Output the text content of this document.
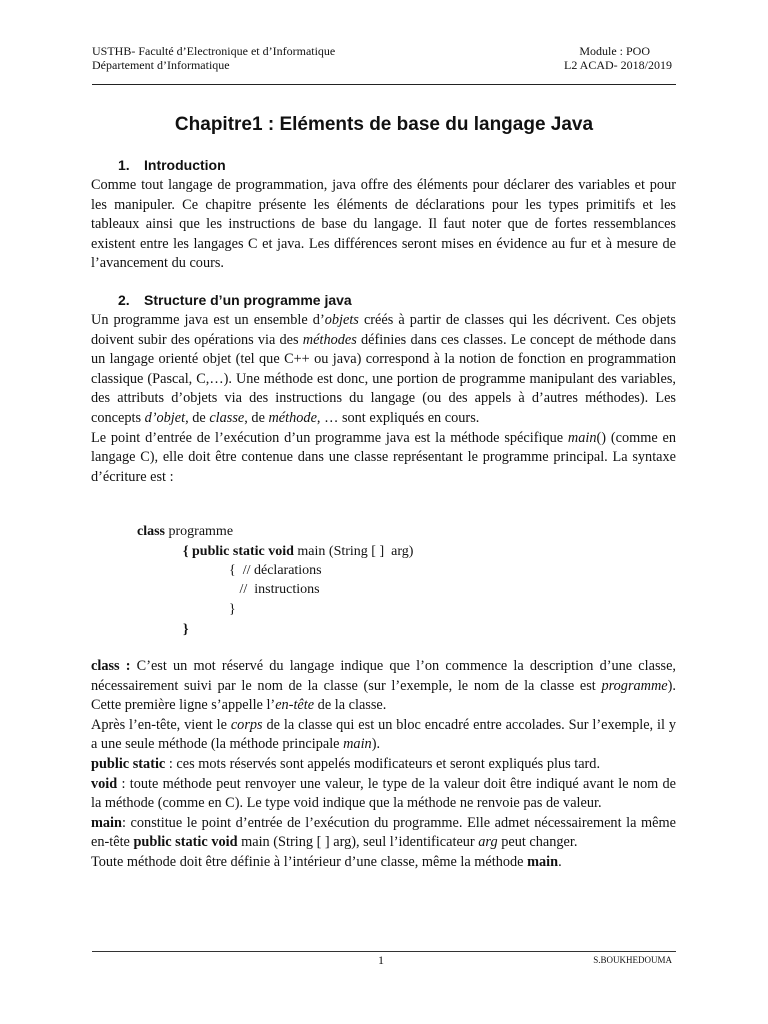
USTHB- Faculté d’Electronique et d’Informatique
Département d’Informatique
Module : POO
L2 ACAD- 2018/2019
Chapitre1 : Eléments de base du langage Java
1. Introduction

Comme tout langage de programmation, java offre des éléments pour déclarer des variables et pour les manipuler. Ce chapitre présente les éléments de déclarations pour les types primitifs et les tableaux ainsi que les instructions de base du langage. Il faut noter que de fortes ressemblances existent entre les langages C et java. Les différences seront mises en évidence au fur et à mesure de l’avancement du cours.

2. Structure d’un programme java

Un programme java est un ensemble d’objets créés à partir de classes qui les décrivent. Ces objets doivent subir des opérations via des méthodes définies dans ces classes. Le concept de méthode dans un langage orienté objet (tel que C++ ou java) correspond à la notion de fonction en programmation classique (Pascal, C,…). Une méthode est donc, une portion de programme manipulant des variables, des attributs d’objets via des instructions du langage (ou des appels à d’autres méthodes). Les concepts d’objet, de classe, de méthode, … sont expliqués en cours.

Le point d’entrée de l’exécution d’un programme java est la méthode spécifique main() (comme en langage C), elle doit être contenue dans une classe représentant le programme principal. La syntaxe d’écriture est :

class programme
{ public static void main (String [ ]  arg)
{  // déclarations
//  instructions
}
}

class : C’est un mot réservé du langage indique que l’on commence la description d’une classe, nécessairement suivi par le nom de la classe (sur l’exemple, le nom de la classe est programme). Cette première ligne s’appelle l’en-tête de la classe.

Après l’en-tête, vient le corps de la classe qui est un bloc encadré entre accolades. Sur l’exemple, il y a une seule méthode (la méthode principale main).

public static : ces mots réservés sont appelés modificateurs et seront expliqués plus tard.

void : toute méthode peut renvoyer une valeur, le type de la valeur doit être indiqué avant le nom de la méthode (comme en C). Le type void indique que la méthode ne renvoie pas de valeur.

main: constitue le point d’entrée de l’exécution du programme. Elle admet nécessairement la même en-tête public static void main (String [ ] arg), seul l’identificateur arg peut changer.

Toute méthode doit être définie à l’intérieur d’une classe, même la méthode main.

1	S.BOUKHEDOUMA
